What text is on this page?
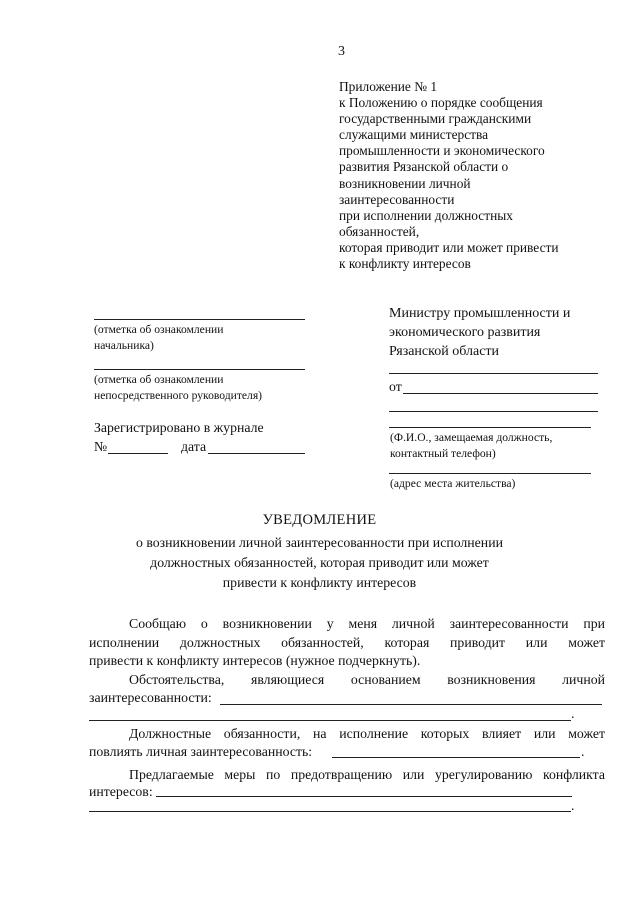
3
Приложение № 1
к Положению о порядке сообщения
государственными гражданскими
служащими министерства
промышленности и экономического
развития Рязанской области о
возникновении личной
заинтересованности
при исполнении должностных
обязанностей,
которая приводит или может привести
к конфликту интересов
(отметка об ознакомлении
начальника)
(отметка об ознакомлении
непосредственного руководителя)
Зарегистрировано в журнале
№	дата
Министру промышленности и
экономического развития
Рязанской области
от
(Ф.И.О., замещаемая должность,
контактный телефон)
(адрес места жительства)
УВЕДОМЛЕНИЕ
о возникновении личной заинтересованности при исполнении
должностных обязанностей, которая приводит или может
привести к конфликту интересов
Сообщаю о возникновении у меня личной заинтересованности при
исполнении должностных обязанностей, которая приводит или может
привести к конфликту интересов (нужное подчеркнуть).
Обстоятельства, являющиеся основанием возникновения личной
заинтересованности:
.
Должностные обязанности, на исполнение которых влияет или может
повлиять личная заинтересованность:	.
Предлагаемые меры по предотвращению или урегулированию конфликта
интересов:
.
